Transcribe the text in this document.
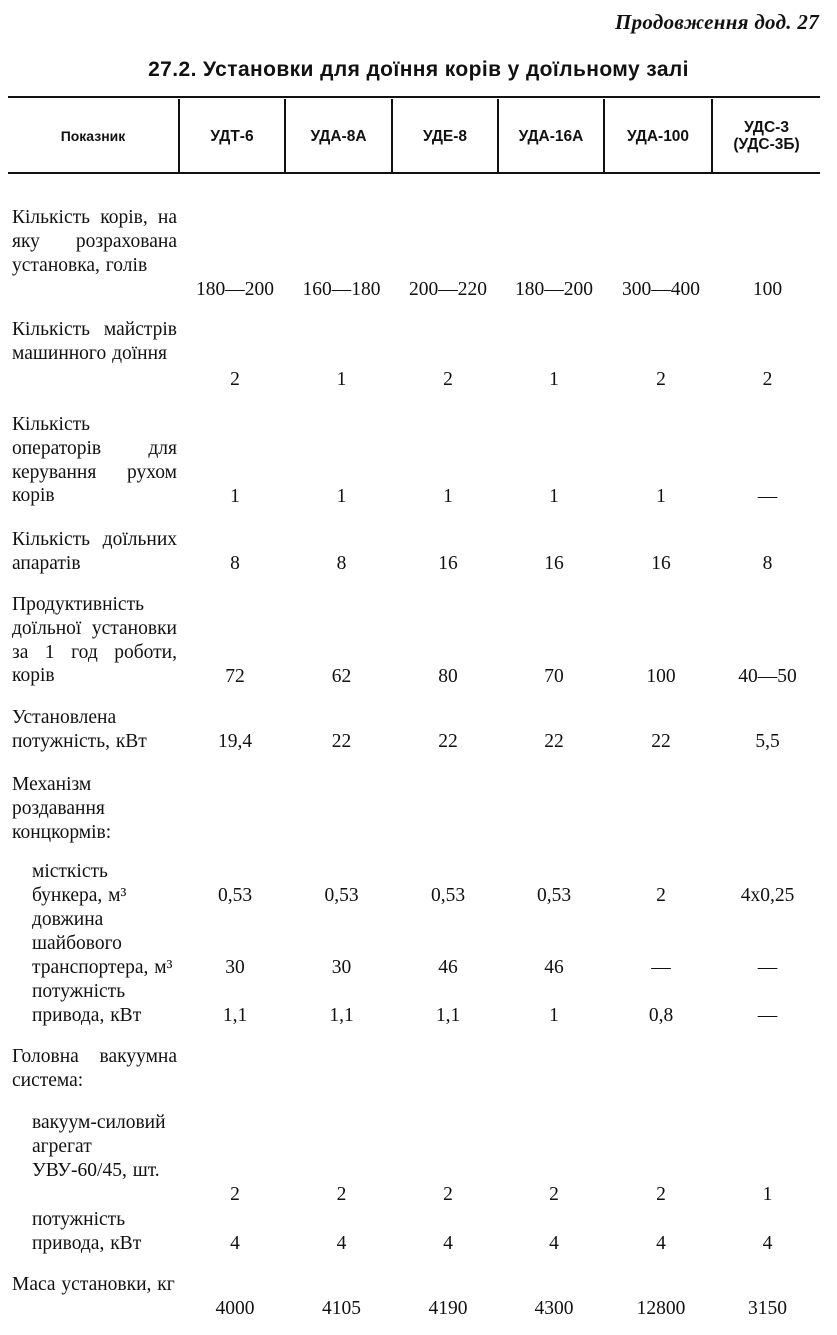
Продовження дод. 27
27.2. Установки для доїння корів у доїльному залі
Показник	УДТ-6	УДА-8А	УДЕ-8	УДА-16А	УДА-100	УДС-3
(УДС-3Б)
Кількість корів, на яку розрахована установка, голів
180—200	160—180	200—220	180—200	300—400	100
Кількість майстрів машинного доїння
2	1	2	1	2	2
Кількість операторів для керування рухом корів	1	1	1	1	1	—
Кількість доїльних апаратів	8	8	16	16	16	8
Продуктивність доїльної установки за 1 год роботи, корів	72	62	80	70	100	40—50
Установлена потужність, кВт	19,4	22	22	22	22	5,5
Механізм роздавання концкормів:
місткість бункера, м³	0,53	0,53	0,53	0,53	2	4х0,25
довжина шайбового транспортера, м³	30	30	46	46	—	—
потужність привода, кВт	1,1	1,1	1,1	1	0,8	—
Головна вакуумна система:
вакуум-силовий агрегат УВУ-60/45, шт.
2	2	2	2	2	1
потужність привода, кВт	4	4	4	4	4	4
Маса установки, кг
4000	4105	4190	4300	12800	3150
